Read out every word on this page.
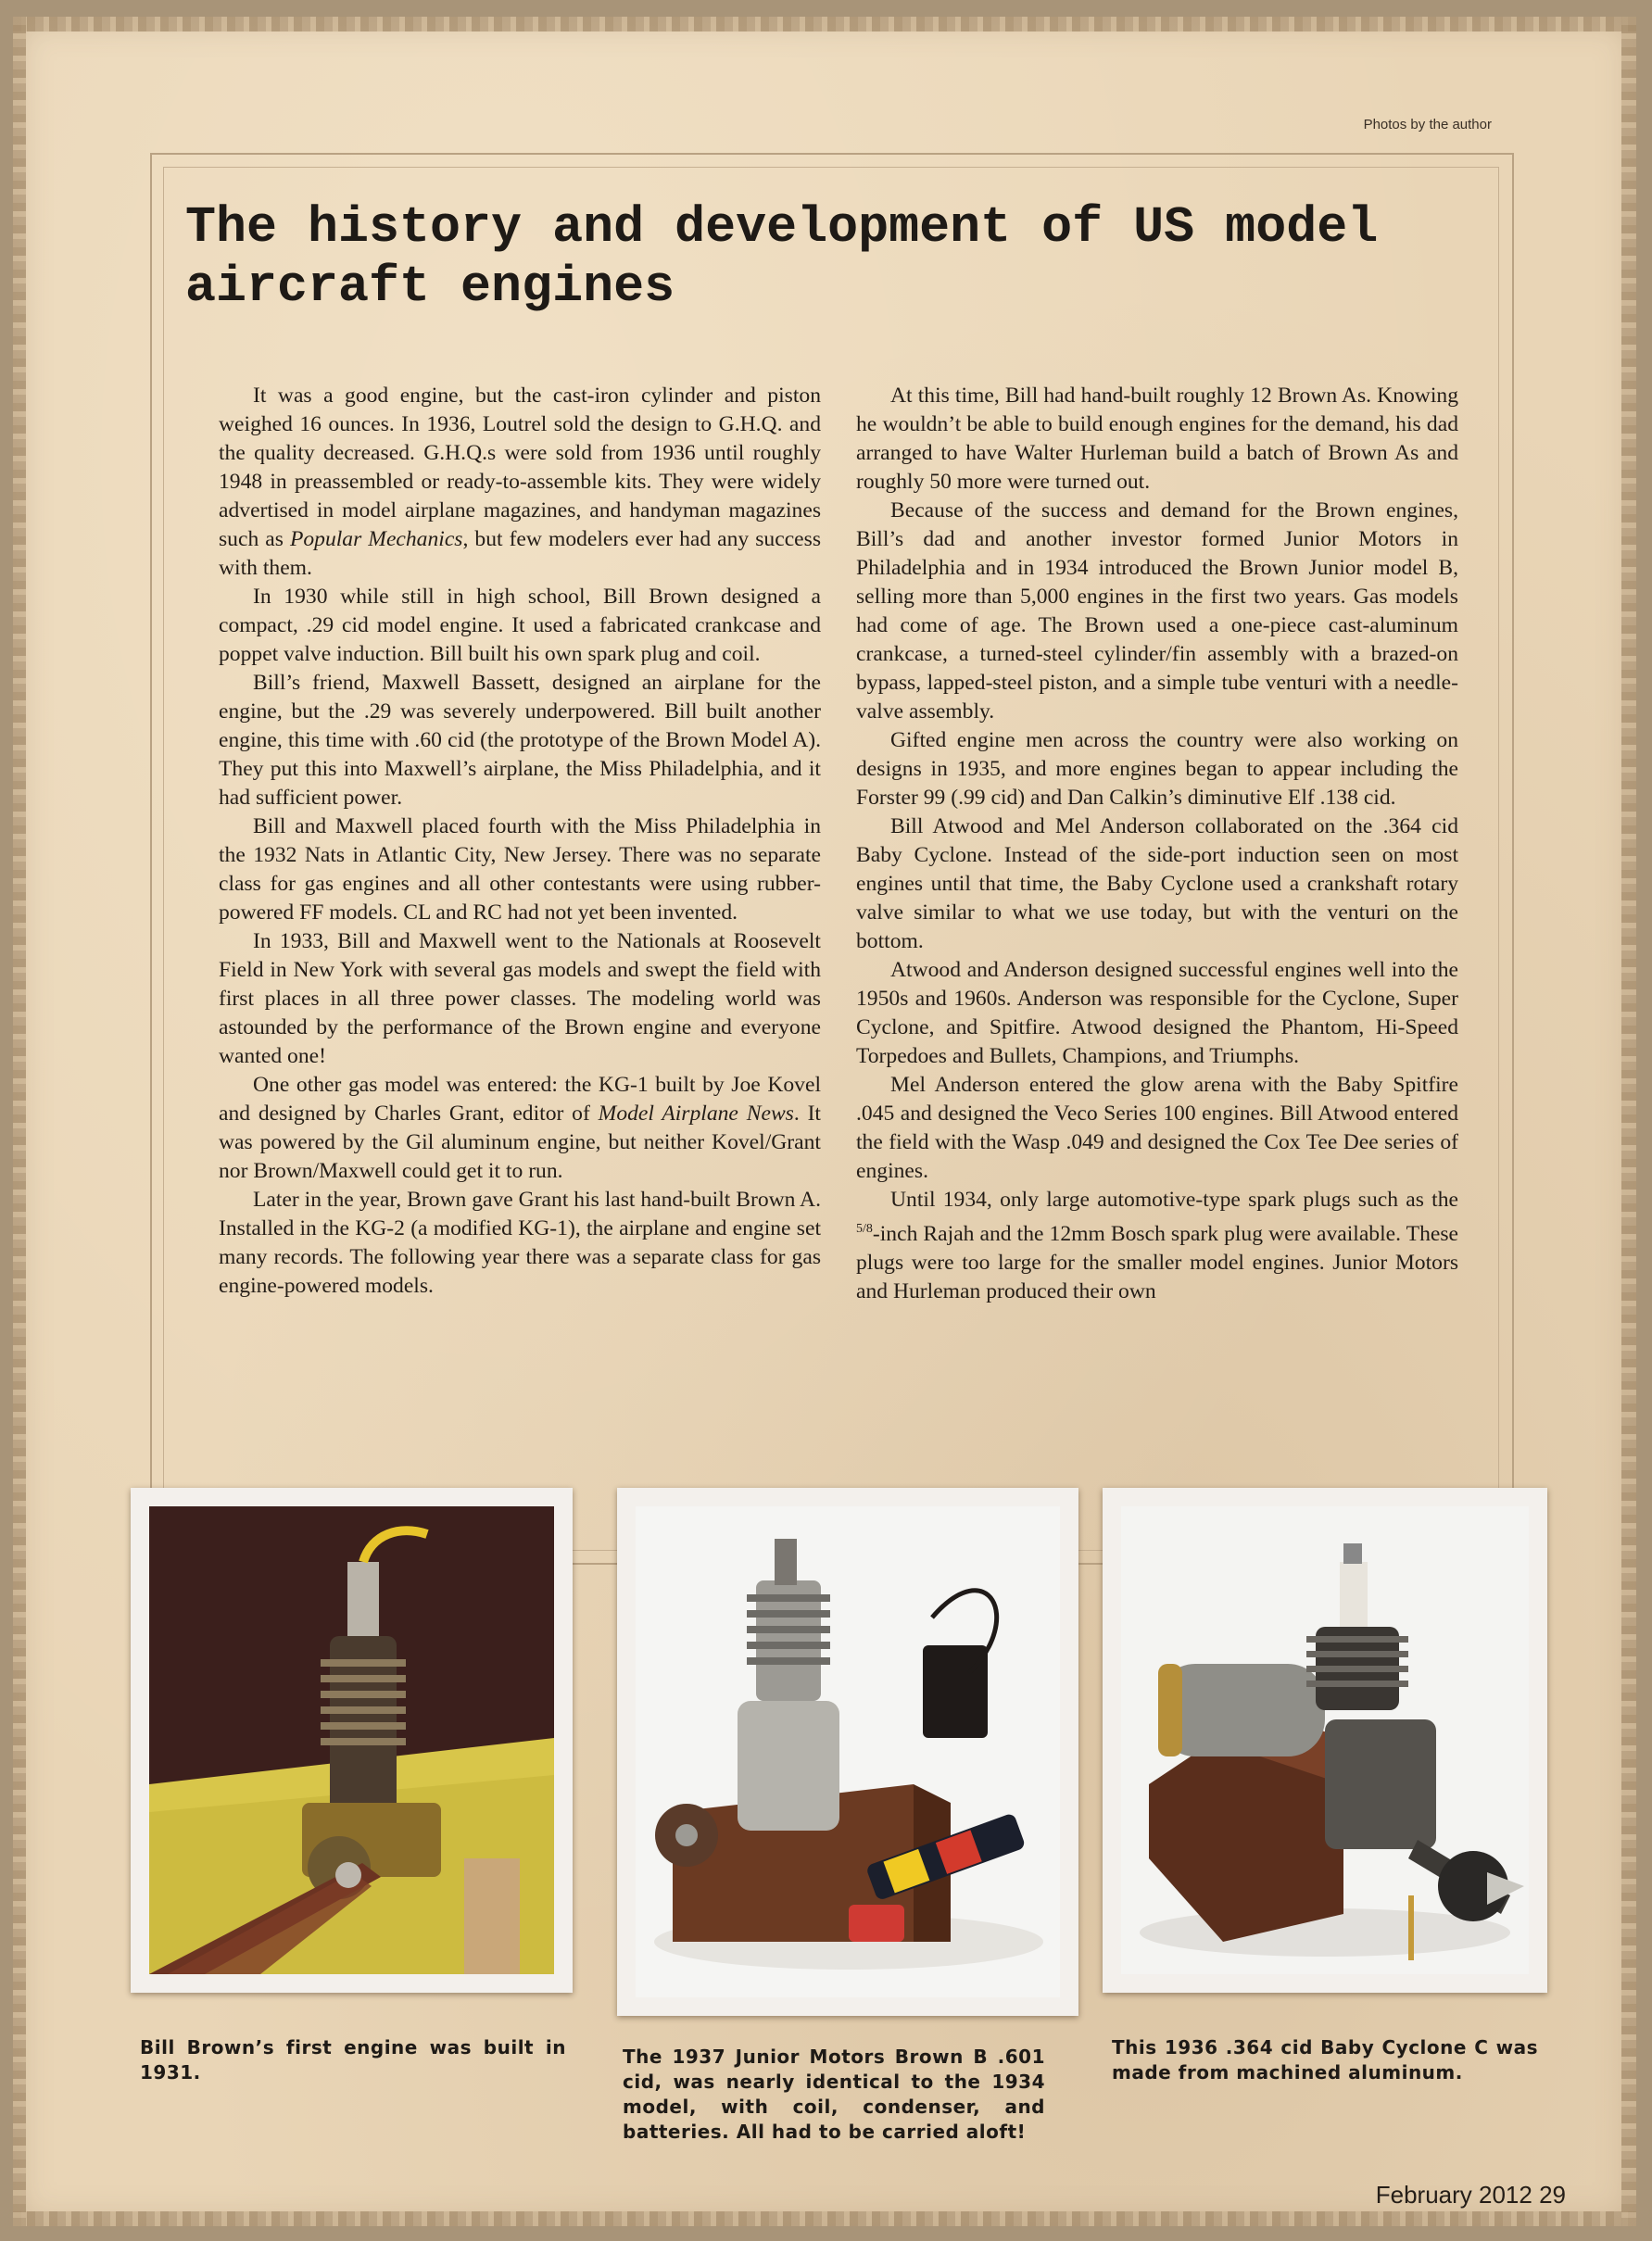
Photos by the author
The history and development of US model aircraft engines

It was a good engine, but the cast-iron cylinder and piston weighed 16 ounces. In 1936, Loutrel sold the design to G.H.Q. and the quality decreased. G.H.Q.s were sold from 1936 until roughly 1948 in preassembled or ready-to-assemble kits. They were widely advertised in model airplane magazines, and handyman magazines such as Popular Mechanics, but few modelers ever had any success with them.

In 1930 while still in high school, Bill Brown designed a compact, .29 cid model engine. It used a fabricated crankcase and poppet valve induction. Bill built his own spark plug and coil.

Bill’s friend, Maxwell Bassett, designed an airplane for the engine, but the .29 was severely underpowered. Bill built another engine, this time with .60 cid (the prototype of the Brown Model A). They put this into Maxwell’s airplane, the Miss Philadelphia, and it had sufficient power.

Bill and Maxwell placed fourth with the Miss Philadelphia in the 1932 Nats in Atlantic City, New Jersey. There was no separate class for gas engines and all other contestants were using rubber-powered FF models. CL and RC had not yet been invented.

In 1933, Bill and Maxwell went to the Nationals at Roosevelt Field in New York with several gas models and swept the field with first places in all three power classes. The modeling world was astounded by the performance of the Brown engine and everyone wanted one!

One other gas model was entered: the KG-1 built by Joe Kovel and designed by Charles Grant, editor of Model Airplane News. It was powered by the Gil aluminum engine, but neither Kovel/Grant nor Brown/Maxwell could get it to run.

Later in the year, Brown gave Grant his last hand-built Brown A. Installed in the KG-2 (a modified KG-1), the airplane and engine set many records. The following year there was a separate class for gas engine-powered models.

At this time, Bill had hand-built roughly 12 Brown As. Knowing he wouldn’t be able to build enough engines for the demand, his dad arranged to have Walter Hurleman build a batch of Brown As and roughly 50 more were turned out.

Because of the success and demand for the Brown engines, Bill’s dad and another investor formed Junior Motors in Philadelphia and in 1934 introduced the Brown Junior model B, selling more than 5,000 engines in the first two years. Gas models had come of age. The Brown used a one-piece cast-aluminum crankcase, a turned-steel cylinder/fin assembly with a brazed-on bypass, lapped-steel piston, and a simple tube venturi with a needle-valve assembly.

Gifted engine men across the country were also working on designs in 1935, and more engines began to appear including the Forster 99 (.99 cid) and Dan Calkin’s diminutive Elf .138 cid.

Bill Atwood and Mel Anderson collaborated on the .364 cid Baby Cyclone. Instead of the side-port induction seen on most engines until that time, the Baby Cyclone used a crankshaft rotary valve similar to what we use today, but with the venturi on the bottom.

Atwood and Anderson designed successful engines well into the 1950s and 1960s. Anderson was responsible for the Cyclone, Super Cyclone, and Spitfire. Atwood designed the Phantom, Hi-Speed Torpedoes and Bullets, Champions, and Triumphs.

Mel Anderson entered the glow arena with the Baby Spitfire .045 and designed the Veco Series 100 engines. Bill Atwood entered the field with the Wasp .049 and designed the Cox Tee Dee series of engines.

Until 1934, only large automotive-type spark plugs such as the $^{5/8}$-inch Rajah and the 12mm Bosch spark plug were available. These plugs were too large for the smaller model engines. Junior Motors and Hurleman produced their own

Bill Brown’s first engine was built in 1931.

The 1937 Junior Motors Brown B .601 cid, was nearly identical to the 1934 model, with coil, condenser, and batteries. All had to be carried aloft!

This 1936 .364 cid Baby Cyclone C was made from machined aluminum.

February 2012 29
